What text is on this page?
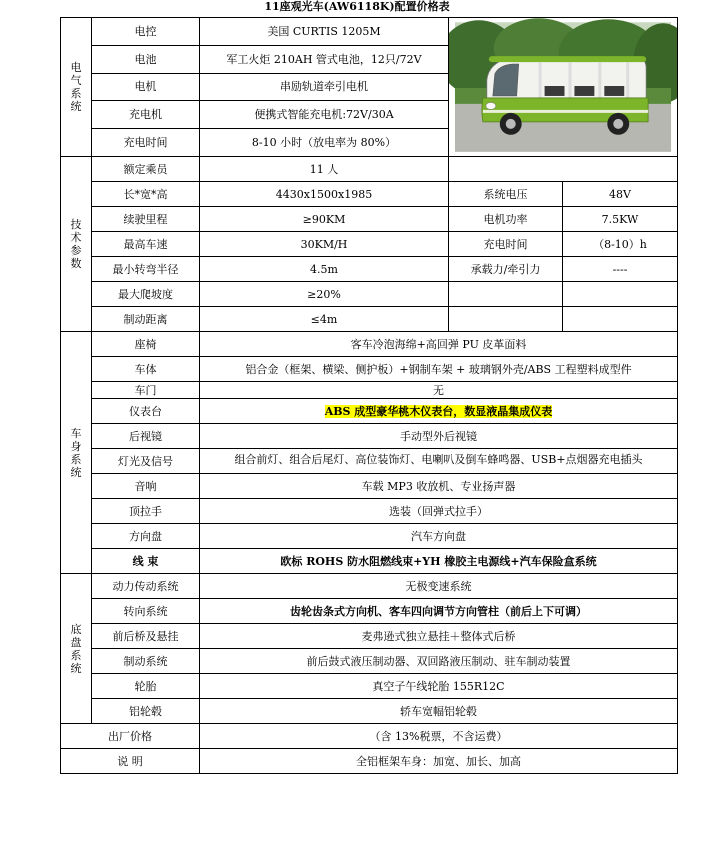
11座观光车(AW6118K)配置价格表
电气系统	电控	美国 CURTIS 1205M	

	电池	军工火炬 210AH 管式电池，12只/72V		
	电机	串励轨道牵引电机		
	充电机	便携式智能充电机:72V/30A		
	充电时间	8-10 小时（放电率为 80%）		

技术参数	额定乘员	11 人		
	长*宽*高	4430x1500x1985	系统电压	48V
	续驶里程	≥90KM	电机功率	7.5KW
	最高车速	30KM/H	充电时间	（8-10）h
	最小转弯半径	4.5m	承载力/牵引力	----
	最大爬坡度	≥20%		
	制动距离	≤4m		

车身系统	座椅	客车冷泡海绵+高回弹 PU 皮革面料		
	车体	铝合金（框架、横梁、侧护板）+钢制车架 + 玻璃钢外壳/ABS 工程塑料成型件		
	车门	无		
	仪表台	ABS 成型豪华桃木仪表台，数显液晶集成仪表		
	后视镜	手动型外后视镜		
	灯光及信号	组合前灯、组合后尾灯、高位装饰灯、电喇叭及倒车蜂鸣器、USB+点烟器充电插头		

	音响	车载 MP3 收放机、专业扬声器		
	顶拉手	选装（回弹式拉手）		
	方向盘	汽车方向盘		
	线 束	欧标 ROHS 防水阻燃线束+YH 橡胶主电源线+汽车保险盒系统		

底盘系统	动力传动系统	无极变速系统		
	转向系统	齿轮齿条式方向机、客车四向调节方向管柱（前后上下可调）		
	前后桥及悬挂	麦弗逊式独立悬挂＋整体式后桥		
	制动系统	前后鼓式液压制动器、双回路液压制动、驻车制动装置		
	轮胎	真空子午线轮胎 155R12C		
	铝轮毂	轿车宽幅铝轮毂		
出厂价格		（含 13%税票，不含运费）		
说 明		全铝框架车身：加宽、加长、加高		
